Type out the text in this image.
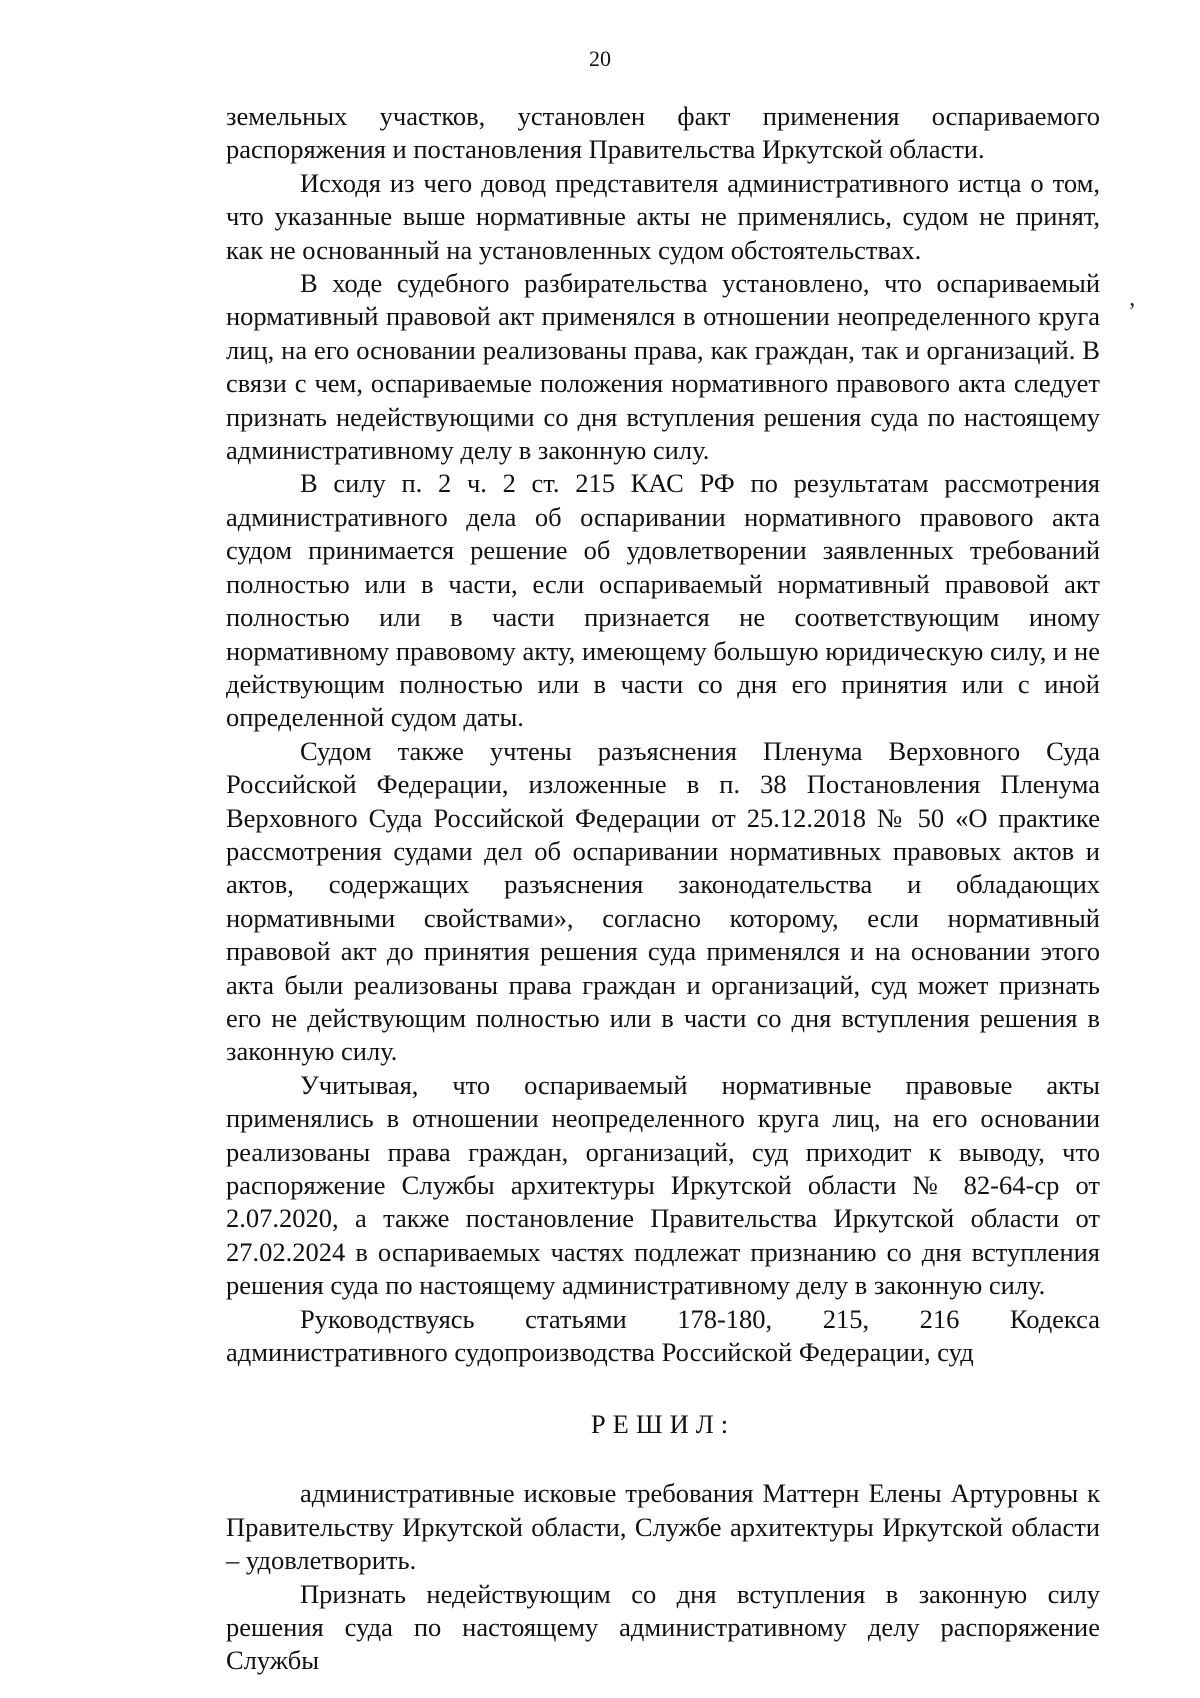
20
’

земельных участков, установлен факт применения оспариваемого распоряжения и постановления Правительства Иркутской области.

Исходя из чего довод представителя административного истца о том, что указанные выше нормативные акты не применялись, судом не принят, как не основанный на установленных судом обстоятельствах.

В ходе судебного разбирательства установлено, что оспариваемый нормативный правовой акт применялся в отношении неопределенного круга лиц, на его основании реализованы права, как граждан, так и организаций. В связи с чем, оспариваемые положения нормативного правового акта следует признать недействующими со дня вступления решения суда по настоящему административному делу в законную силу.

В силу п. 2 ч. 2 ст. 215 КАС РФ по результатам рассмотрения административного дела об оспаривании нормативного правового акта судом принимается решение об удовлетворении заявленных требований полностью или в части, если оспариваемый нормативный правовой акт полностью или в части признается не соответствующим иному нормативному правовому акту, имеющему большую юридическую силу, и не действующим полностью или в части со дня его принятия или с иной определенной судом даты.

Судом также учтены разъяснения Пленума Верховного Суда Российской Федерации, изложенные в п. 38 Постановления Пленума Верховного Суда Российской Федерации от 25.12.2018 № 50 «О практике рассмотрения судами дел об оспаривании нормативных правовых актов и актов, содержащих разъяснения законодательства и обладающих нормативными свойствами», согласно которому, если нормативный правовой акт до принятия решения суда применялся и на основании этого акта были реализованы права граждан и организаций, суд может признать его не действующим полностью или в части со дня вступления решения в законную силу.

Учитывая, что оспариваемый нормативные правовые акты применялись в отношении неопределенного круга лиц, на его основании реализованы права граждан, организаций, суд приходит к выводу, что распоряжение Службы архитектуры Иркутской области № 82-64-ср от 2.07.2020, а также постановление Правительства Иркутской области от 27.02.2024 в оспариваемых частях подлежат признанию со дня вступления решения суда по настоящему административному делу в законную силу.

Руководствуясь статьями 178-180, 215, 216 Кодекса административного судопроизводства Российской Федерации, суд

РЕШИЛ:

административные исковые требования Маттерн Елены Артуровны к Правительству Иркутской области, Службе архитектуры Иркутской области – удовлетворить.

Признать недействующим со дня вступления в законную силу решения суда по настоящему административному делу распоряжение Службы
